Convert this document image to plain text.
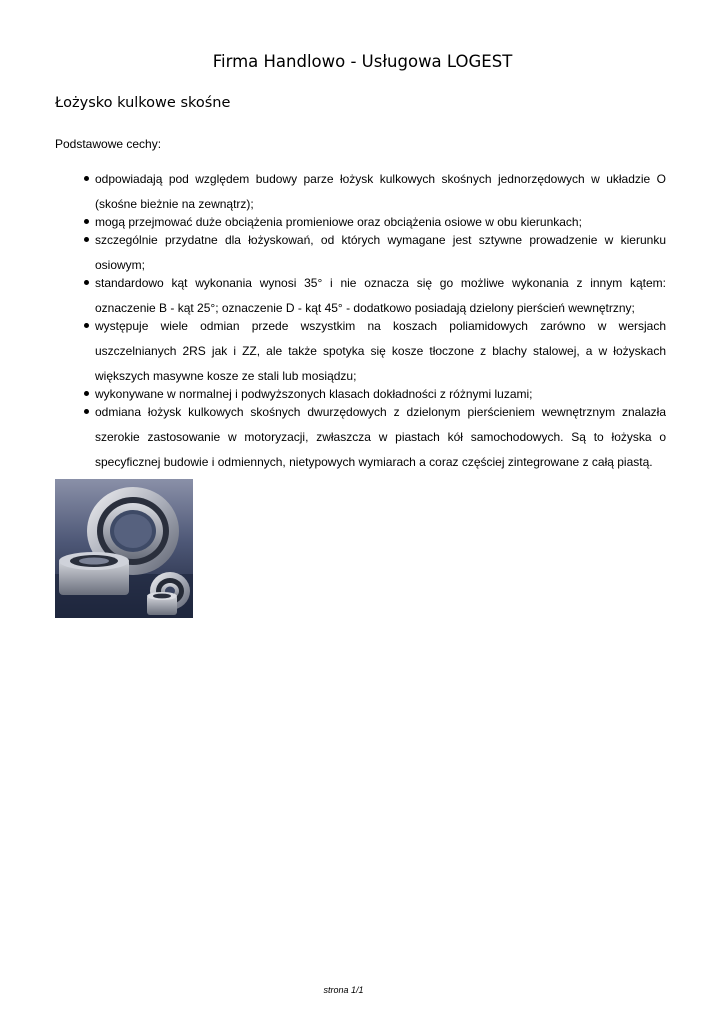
Firma Handlowo - Usługowa LOGEST
Łożysko kulkowe skośne
Podstawowe cechy:
odpowiadają pod względem budowy parze łożysk kulkowych skośnych jednorzędowych w układzie O
(skośne bieżnie na zewnątrz);
mogą przejmować duże obciążenia promieniowe oraz obciążenia osiowe w obu kierunkach;
szczególnie przydatne dla łożyskowań, od których wymagane jest sztywne prowadzenie w kierunku
osiowym;
standardowo kąt wykonania wynosi 35° i nie oznacza się go możliwe wykonania z innym kątem:
oznaczenie B - kąt 25°; oznaczenie D - kąt 45° - dodatkowo posiadają dzielony pierścień wewnętrzny;
występuje wiele odmian przede wszystkim na koszach poliamidowych zarówno w wersjach
uszczelnianych 2RS jak i ZZ, ale także spotyka się kosze tłoczone z blachy stalowej, a w łożyskach
większych masywne kosze ze stali lub mosiądzu;
wykonywane w normalnej i podwyższonych klasach dokładności z różnymi luzami;
odmiana łożysk kulkowych skośnych dwurzędowych z dzielonym pierścieniem wewnętrznym znalazła
szerokie zastosowanie w motoryzacji, zwłaszcza w piastach kół samochodowych. Są to łożyska o
specyficznej budowie i odmiennych, nietypowych wymiarach a coraz częściej zintegrowane z całą piastą.
strona 1/1
